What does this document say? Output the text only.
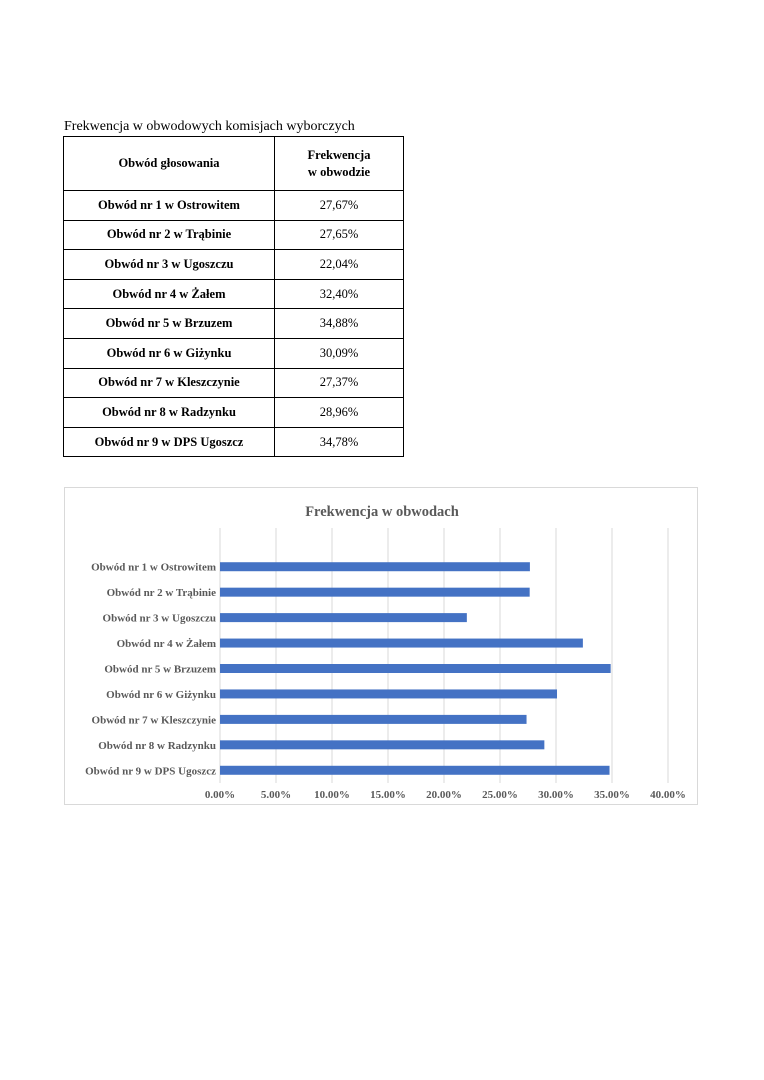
Frekwencja w obwodowych komisjach wyborczych
Obwód głosowania	Frekwencja
w obwodzie
Obwód nr 1 w Ostrowitem	27,67%
Obwód nr 2 w Trąbinie	27,65%
Obwód nr 3 w Ugoszczu	22,04%
Obwód nr 4 w Żałem	32,40%
Obwód nr 5 w Brzuzem	34,88%
Obwód nr 6 w Giżynku	30,09%
Obwód nr 7 w Kleszczynie	27,37%
Obwód nr 8 w Radzynku	28,96%
Obwód nr 9 w DPS Ugoszcz	34,78%
Frekwencja w obwodach
Obwód nr 1 w Ostrowitem
Obwód nr 2 w Trąbinie
Obwód nr 3 w Ugoszczu
Obwód nr 4 w Żałem
Obwód nr 5 w Brzuzem
Obwód nr 6 w Giżynku
Obwód nr 7 w Kleszczynie
Obwód nr 8 w Radzynku
Obwód nr 9 w DPS Ugoszcz
0.00% 5.00% 10.00% 15.00% 20.00% 25.00% 30.00% 35.00% 40.00%
